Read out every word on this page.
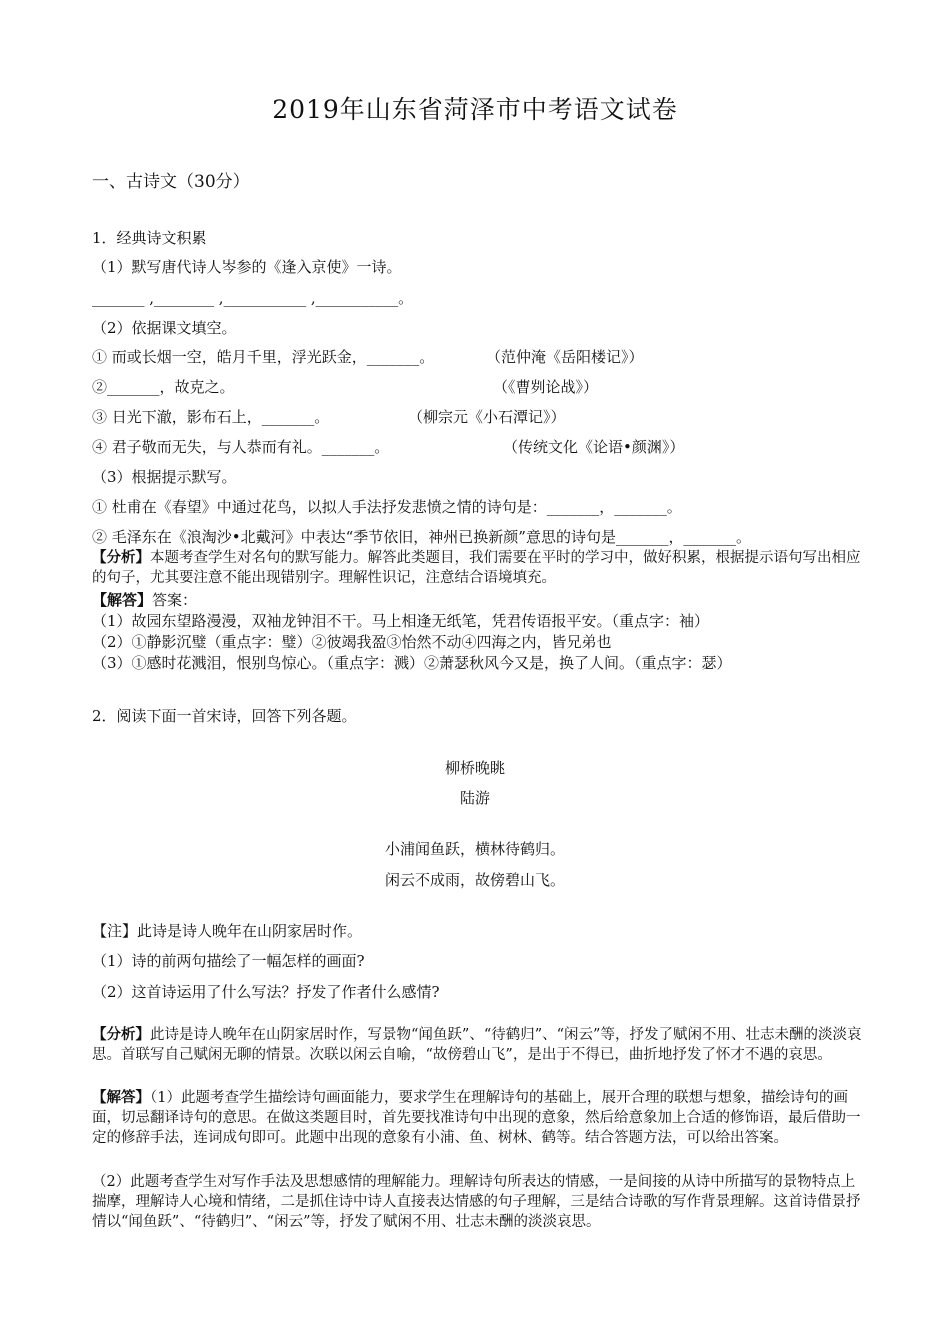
2019年山东省菏泽市中考语文试卷
一、古诗文（30分）
1．经典诗文积累
（1）默写唐代诗人岑参的《逢入京使》一诗。
_______ ,________ ,___________ ,___________。
（2）依据课文填空。
① 而或长烟一空，皓月千里，浮光跃金，_______。	（范仲淹《岳阳楼记》）
②_______，故克之。	（《曹刿论战》）
③ 日光下澈，影布石上，_______。	（柳宗元《小石潭记》）
④ 君子敬而无失，与人恭而有礼。_______。	（传统文化《论语•颜渊》）
（3）根据提示默写。
① 杜甫在《春望》中通过花鸟，以拟人手法抒发悲愤之情的诗句是：_______，_______。
② 毛泽东在《浪淘沙•北戴河》中表达“季节依旧，神州已换新颜”意思的诗句是_______，_______。
【分析】本题考查学生对名句的默写能力。解答此类题目，我们需要在平时的学习中，做好积累，根据提示语句写出相应的句子，尤其要注意不能出现错别字。理解性识记，注意结合语境填充。
【解答】答案：
（1）故园东望路漫漫，双袖龙钟泪不干。马上相逢无纸笔，凭君传语报平安。（重点字：袖）
（2）①静影沉璧（重点字：璧）②彼竭我盈③怡然不动④四海之内，皆兄弟也
（3）①感时花溅泪，恨别鸟惊心。（重点字：溅）②萧瑟秋风今又是，换了人间。（重点字：瑟）
2．阅读下面一首宋诗，回答下列各题。
柳桥晚眺
陆游
小浦闻鱼跃，横林待鹤归。
闲云不成雨，故傍碧山飞。
【注】此诗是诗人晚年在山阴家居时作。
（1）诗的前两句描绘了一幅怎样的画面?
（2）这首诗运用了什么写法？抒发了作者什么感情?
【分析】此诗是诗人晚年在山阴家居时作，写景物“闻鱼跃”、“待鹤归”、“闲云”等，抒发了赋闲不用、壮志未酬的淡淡哀思。首联写自己赋闲无聊的情景。次联以闲云自喻，“故傍碧山飞”，是出于不得已，曲折地抒发了怀才不遇的哀思。
【解答】（1）此题考查学生描绘诗句画面能力，要求学生在理解诗句的基础上，展开合理的联想与想象，描绘诗句的画面，切忌翻译诗句的意思。在做这类题目时，首先要找准诗句中出现的意象，然后给意象加上合适的修饰语，最后借助一定的修辞手法，连词成句即可。此题中出现的意象有小浦、鱼、树林、鹤等。结合答题方法，可以给出答案。
（2）此题考查学生对写作手法及思想感情的理解能力。理解诗句所表达的情感，一是间接的从诗中所描写的景物特点上揣摩，理解诗人心境和情绪，二是抓住诗中诗人直接表达情感的句子理解，三是结合诗歌的写作背景理解。这首诗借景抒情以“闻鱼跃”、“待鹤归”、“闲云”等，抒发了赋闲不用、壮志未酬的淡淡哀思。
